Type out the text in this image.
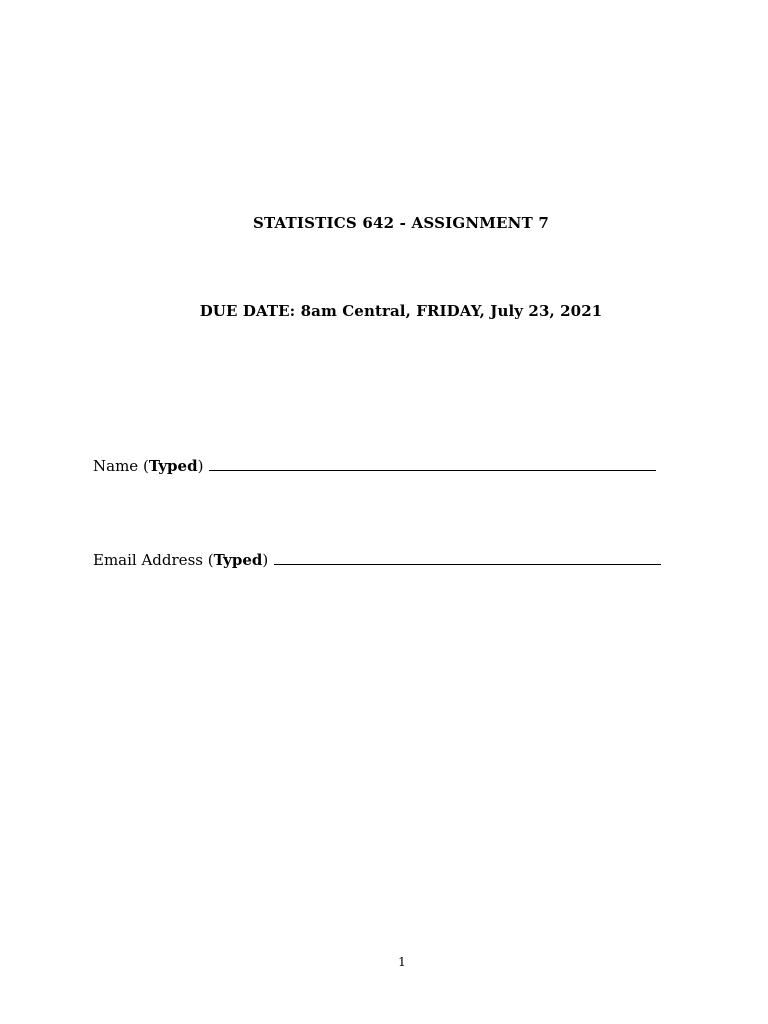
STATISTICS 642 - ASSIGNMENT 7
DUE DATE: 8am Central, FRIDAY, July 23, 2021
Name (Typed)
Email Address (Typed)
1
